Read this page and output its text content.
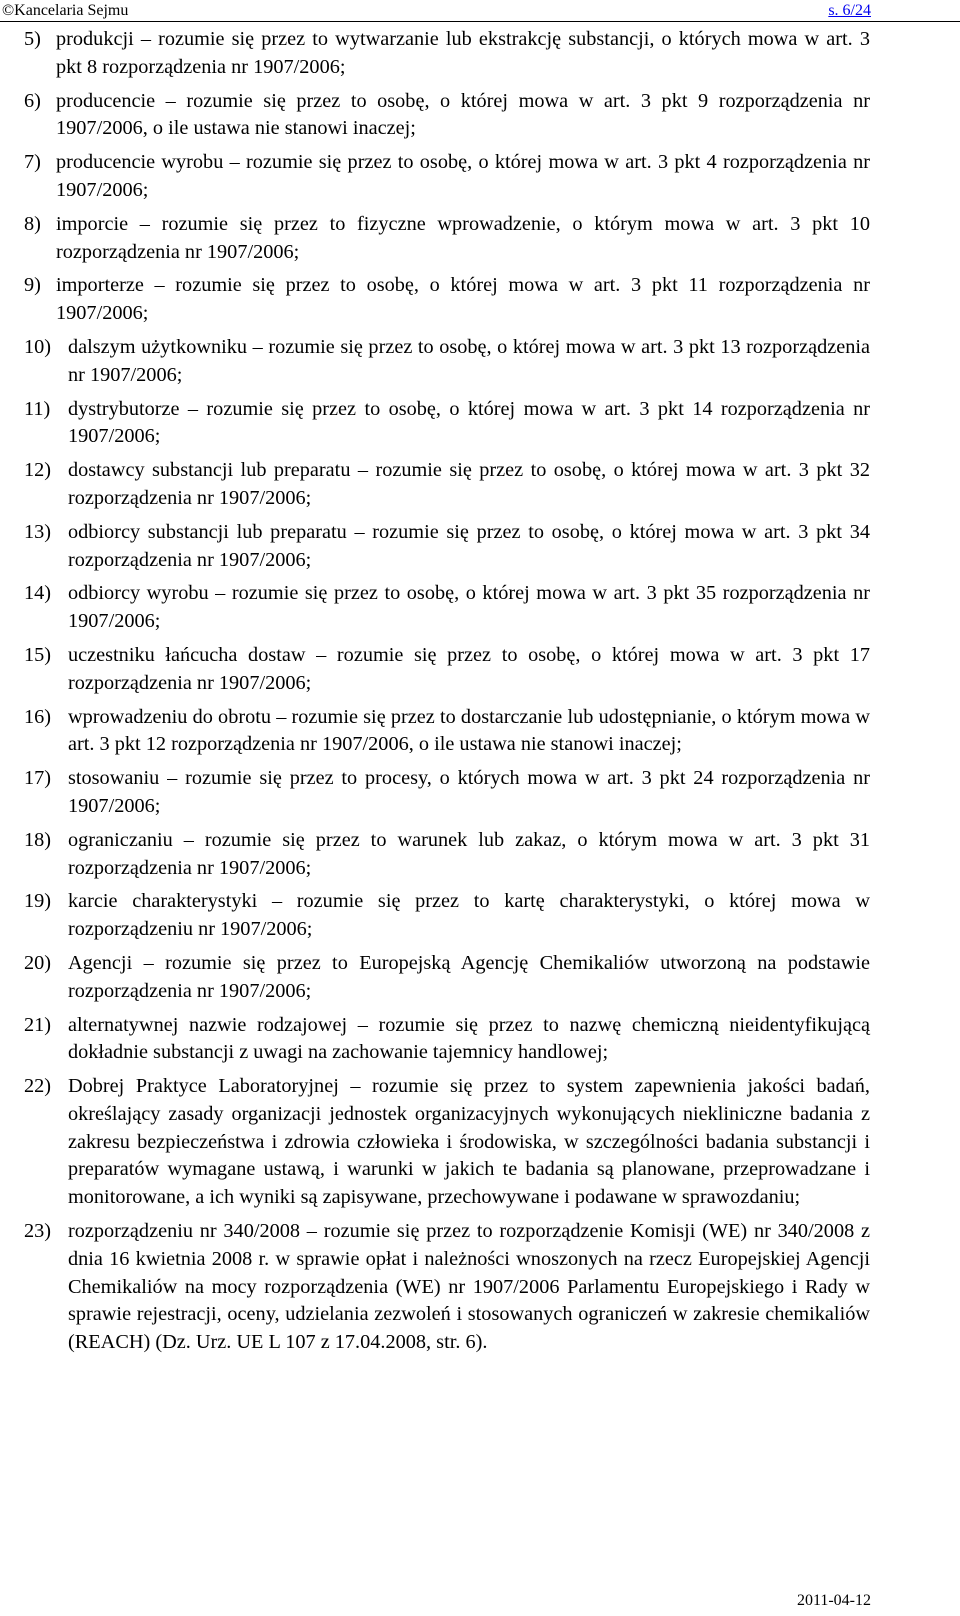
©Kancelaria Sejmu	s. 6/24
5) produkcji – rozumie się przez to wytwarzanie lub ekstrakcję substancji, o których mowa w art. 3 pkt 8 rozporządzenia nr 1907/2006;
6) producencie – rozumie się przez to osobę, o której mowa w art. 3 pkt 9 rozporządzenia nr 1907/2006, o ile ustawa nie stanowi inaczej;
7) producencie wyrobu – rozumie się przez to osobę, o której mowa w art. 3 pkt 4 rozporządzenia nr 1907/2006;
8) imporcie – rozumie się przez to fizyczne wprowadzenie, o którym mowa w art. 3 pkt 10 rozporządzenia nr 1907/2006;
9) importerze – rozumie się przez to osobę, o której mowa w art. 3 pkt 11 rozporządzenia nr 1907/2006;
10) dalszym użytkowniku – rozumie się przez to osobę, o której mowa w art. 3 pkt 13 rozporządzenia nr 1907/2006;
11) dystrybutorze – rozumie się przez to osobę, o której mowa w art. 3 pkt 14 rozporządzenia nr 1907/2006;
12) dostawcy substancji lub preparatu – rozumie się przez to osobę, o której mowa w art. 3 pkt 32 rozporządzenia nr 1907/2006;
13) odbiorcy substancji lub preparatu – rozumie się przez to osobę, o której mowa w art. 3 pkt 34 rozporządzenia nr 1907/2006;
14) odbiorcy wyrobu – rozumie się przez to osobę, o której mowa w art. 3 pkt 35 rozporządzenia nr 1907/2006;
15) uczestniku łańcucha dostaw – rozumie się przez to osobę, o której mowa w art. 3 pkt 17 rozporządzenia nr 1907/2006;
16) wprowadzeniu do obrotu – rozumie się przez to dostarczanie lub udostępnianie, o którym mowa w art. 3 pkt 12 rozporządzenia nr 1907/2006, o ile ustawa nie stanowi inaczej;
17) stosowaniu – rozumie się przez to procesy, o których mowa w art. 3 pkt 24 rozporządzenia nr 1907/2006;
18) ograniczaniu – rozumie się przez to warunek lub zakaz, o którym mowa w art. 3 pkt 31 rozporządzenia nr 1907/2006;
19) karcie charakterystyki – rozumie się przez to kartę charakterystyki, o której mowa w rozporządzeniu nr 1907/2006;
20) Agencji – rozumie się przez to Europejską Agencję Chemikaliów utworzoną na podstawie rozporządzenia nr 1907/2006;
21) alternatywnej nazwie rodzajowej – rozumie się przez to nazwę chemiczną nieidentyfikującą dokładnie substancji z uwagi na zachowanie tajemnicy handlowej;
22) Dobrej Praktyce Laboratoryjnej – rozumie się przez to system zapewnienia jakości badań, określający zasady organizacji jednostek organizacyjnych wykonujących niekliniczne badania z zakresu bezpieczeństwa i zdrowia człowieka i środowiska, w szczególności badania substancji i preparatów wymagane ustawą, i warunki w jakich te badania są planowane, przeprowadzane i monitorowane, a ich wyniki są zapisywane, przechowywane i podawane w sprawozdaniu;
23) rozporządzeniu nr 340/2008 – rozumie się przez to rozporządzenie Komisji (WE) nr 340/2008 z dnia 16 kwietnia 2008 r. w sprawie opłat i należności wnoszonych na rzecz Europejskiej Agencji Chemikaliów na mocy rozporządzenia (WE) nr 1907/2006 Parlamentu Europejskiego i Rady w sprawie rejestracji, oceny, udzielania zezwoleń i stosowanych ograniczeń w zakresie chemikaliów (REACH) (Dz. Urz. UE L 107 z 17.04.2008, str. 6).
2011-04-12
